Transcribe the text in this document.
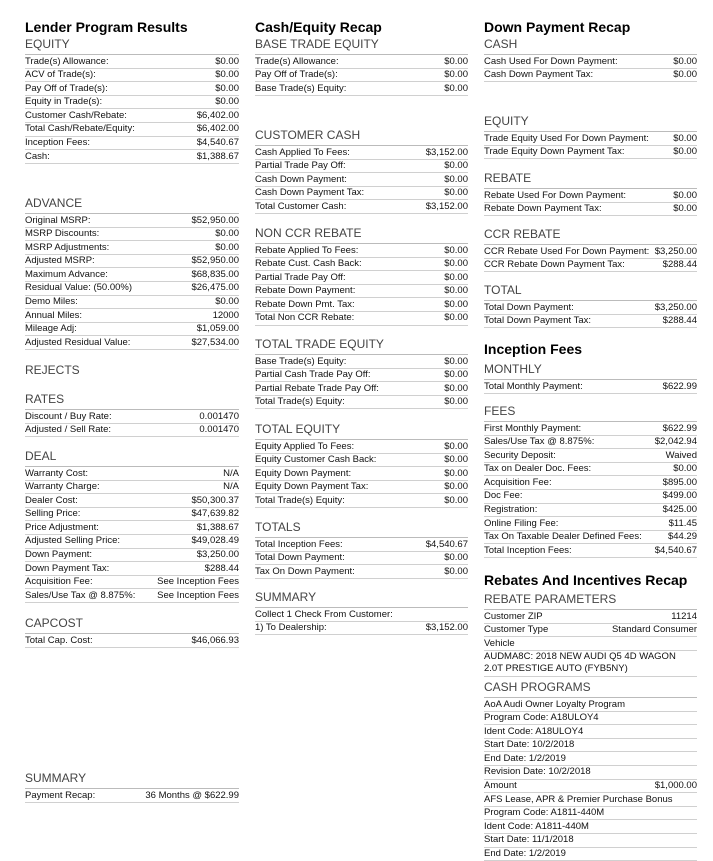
Lender Program Results
EQUITY
Trade(s) Allowance:	$0.00
ACV of Trade(s):	$0.00
Pay Off of Trade(s):	$0.00
Equity in Trade(s):	$0.00
Customer Cash/Rebate:	$6,402.00
Total Cash/Rebate/Equity:	$6,402.00
Inception Fees:	$4,540.67
Cash:	$1,388.67
ADVANCE
Original MSRP:	$52,950.00
MSRP Discounts:	$0.00
MSRP Adjustments:	$0.00
Adjusted MSRP:	$52,950.00
Maximum Advance:	$68,835.00
Residual Value: (50.00%)	$26,475.00
Demo Miles:	$0.00
Annual Miles:	12000
Mileage Adj:	$1,059.00
Adjusted Residual Value:	$27,534.00
REJECTS
RATES
Discount / Buy Rate:	0.001470
Adjusted / Sell Rate:	0.001470
DEAL
Warranty Cost:	N/A
Warranty Charge:	N/A
Dealer Cost:	$50,300.37
Selling Price:	$47,639.82
Price Adjustment:	$1,388.67
Adjusted Selling Price:	$49,028.49
Down Payment:	$3,250.00
Down Payment Tax:	$288.44
Acquisition Fee:	See Inception Fees
Sales/Use Tax @ 8.875%: See Inception Fees
CAPCOST
Total Cap. Cost:	$46,066.93
SUMMARY
Payment Recap:	36 Months @ $622.99
Cash/Equity Recap
BASE TRADE EQUITY
Trade(s) Allowance:	$0.00
Pay Off of Trade(s):	$0.00
Base Trade(s) Equity:	$0.00
CUSTOMER CASH
Cash Applied To Fees:	$3,152.00
Partial Trade Pay Off:	$0.00
Cash Down Payment:	$0.00
Cash Down Payment Tax:	$0.00
Total Customer Cash:	$3,152.00
NON CCR REBATE
Rebate Applied To Fees:	$0.00
Rebate Cust. Cash Back:	$0.00
Partial Trade Pay Off:	$0.00
Rebate Down Payment:	$0.00
Rebate Down Pmt. Tax:	$0.00
Total Non CCR Rebate:	$0.00
TOTAL TRADE EQUITY
Base Trade(s) Equity:	$0.00
Partial Cash Trade Pay Off:	$0.00
Partial Rebate Trade Pay Off:	$0.00
Total Trade(s) Equity:	$0.00
TOTAL EQUITY
Equity Applied To Fees:	$0.00
Equity Customer Cash Back:	$0.00
Equity Down Payment:	$0.00
Equity Down Payment Tax:	$0.00
Total Trade(s) Equity:	$0.00
TOTALS
Total Inception Fees:	$4,540.67
Total Down Payment:	$0.00
Tax On Down Payment:	$0.00
SUMMARY
Collect 1 Check From Customer:
1) To Dealership:	$3,152.00
Down Payment Recap
CASH
Cash Used For Down Payment:	$0.00
Cash Down Payment Tax:	$0.00
EQUITY
Trade Equity Used For Down Payment:	$0.00
Trade Equity Down Payment Tax:	$0.00
REBATE
Rebate Used For Down Payment:	$0.00
Rebate Down Payment Tax:	$0.00
CCR REBATE
CCR Rebate Used For Down Payment: $3,250.00
CCR Rebate Down Payment Tax:	$288.44
TOTAL
Total Down Payment:	$3,250.00
Total Down Payment Tax:	$288.44
Inception Fees
MONTHLY
Total Monthly Payment:	$622.99
FEES
First Monthly Payment:	$622.99
Sales/Use Tax @ 8.875%:	$2,042.94
Security Deposit:	Waived
Tax on Dealer Doc. Fees:	$0.00
Acquisition Fee:	$895.00
Doc Fee:	$499.00
Registration:	$425.00
Online Filing Fee:	$11.45
Tax On Taxable Dealer Defined Fees:	$44.29
Total Inception Fees:	$4,540.67
Rebates And Incentives Recap
REBATE PARAMETERS
Customer ZIP	11214
Customer Type	Standard Consumer
Vehicle
AUDMA8C: 2018 NEW AUDI Q5 4D WAGON 2.0T PRESTIGE AUTO (FYB5NY)
CASH PROGRAMS
AoA Audi Owner Loyalty Program
Program Code: A18ULOY4
Ident Code: A18ULOY4
Start Date: 10/2/2018
End Date: 1/2/2019
Revision Date: 10/2/2018
Amount	$1,000.00
AFS Lease, APR & Premier Purchase Bonus
Program Code: A1811-440M
Ident Code: A1811-440M
Start Date: 11/1/2018
End Date: 1/2/2019
